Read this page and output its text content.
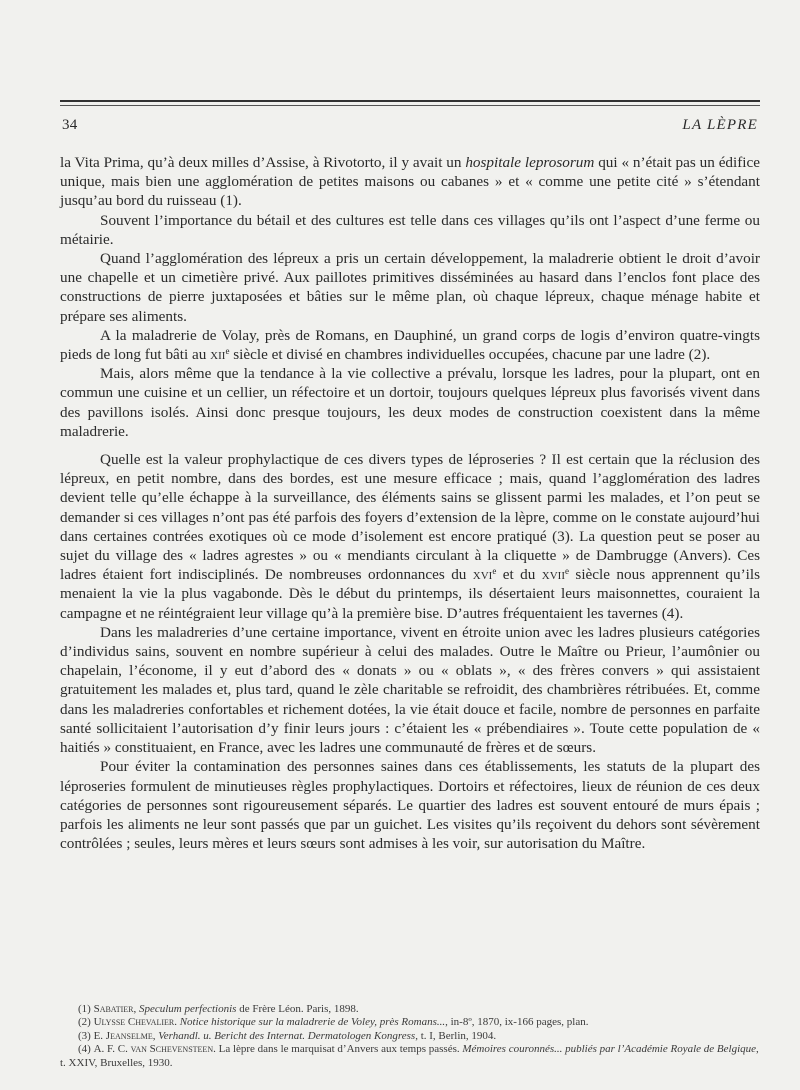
34	LA LÈPRE

la Vita Prima, qu’à deux milles d’Assise, à Rivotorto, il y avait un hospitale leprosorum qui « n’était pas un édifice unique, mais bien une agglomération de petites maisons ou cabanes » et « comme une petite cité » s’étendant jusqu’au bord du ruisseau (1).

Souvent l’importance du bétail et des cultures est telle dans ces villages qu’ils ont l’aspect d’une ferme ou métairie.

Quand l’agglomération des lépreux a pris un certain développement, la maladrerie obtient le droit d’avoir une chapelle et un cimetière privé. Aux paillotes primitives disséminées au hasard dans l’enclos font place des constructions de pierre juxtaposées et bâties sur le même plan, où chaque lépreux, chaque ménage habite et prépare ses aliments.

A la maladrerie de Volay, près de Romans, en Dauphiné, un grand corps de logis d’environ quatre-vingts pieds de long fut bâti au xii$^e$ siècle et divisé en chambres individuelles occupées, chacune par une ladre (2).

Mais, alors même que la tendance à la vie collective a prévalu, lorsque les ladres, pour la plupart, ont en commun une cuisine et un cellier, un réfectoire et un dortoir, toujours quelques lépreux plus favorisés vivent dans des pavillons isolés. Ainsi donc presque toujours, les deux modes de construction coexistent dans la même maladrerie.

Quelle est la valeur prophylactique de ces divers types de léproseries ? Il est certain que la réclusion des lépreux, en petit nombre, dans des bordes, est une mesure efficace ; mais, quand l’agglomération des ladres devient telle qu’elle échappe à la surveillance, des éléments sains se glissent parmi les malades, et l’on peut se demander si ces villages n’ont pas été parfois des foyers d’extension de la lèpre, comme on le constate aujourd’hui dans certaines contrées exotiques où ce mode d’isolement est encore pratiqué (3). La question peut se poser au sujet du village des « ladres agrestes » ou « mendiants circulant à la cliquette » de Dambrugge (Anvers). Ces ladres étaient fort indisciplinés. De nombreuses ordonnances du xvi$^e$ et du xvii$^e$ siècle nous apprennent qu’ils menaient la vie la plus vagabonde. Dès le début du printemps, ils désertaient leurs maisonnettes, couraient la campagne et ne réintégraient leur village qu’à la première bise. D’autres fréquentaient les tavernes (4).

Dans les maladreries d’une certaine importance, vivent en étroite union avec les ladres plusieurs catégories d’individus sains, souvent en nombre supérieur à celui des malades. Outre le Maître ou Prieur, l’aumônier ou chapelain, l’économe, il y eut d’abord des « donats » ou « oblats », « des frères convers » qui assistaient gratuitement les malades et, plus tard, quand le zèle charitable se refroidit, des chambrières rétribuées. Et, comme dans les maladreries confortables et richement dotées, la vie était douce et facile, nombre de personnes en parfaite santé sollicitaient l’autorisation d’y finir leurs jours : c’étaient les « prébendiaires ». Toute cette population de « haitiés » constituaient, en France, avec les ladres une communauté de frères et de sœurs.

Pour éviter la contamination des personnes saines dans ces établissements, les statuts de la plupart des léproseries formulent de minutieuses règles prophylactiques. Dortoirs et réfectoires, lieux de réunion de ces deux catégories de personnes sont rigoureusement séparés. Le quartier des ladres est souvent entouré de murs épais ; parfois les aliments ne leur sont passés que par un guichet. Les visites qu’ils reçoivent du dehors sont sévèrement contrôlées ; seules, leurs mères et leurs sœurs sont admises à les voir, sur autorisation du Maître.

(1) Sabatier, Speculum perfectionis de Frère Léon. Paris, 1898.
(2) Ulysse Chevalier. Notice historique sur la maladrerie de Voley, près Romans..., in-8º, 1870, ix-166 pages, plan.
(3) E. Jeanselme, Verhandl. u. Bericht des Internat. Dermatologen Kongress, t. I, Berlin, 1904.
(4) A. F. C. van Schevensteen. La lèpre dans le marquisat d’Anvers aux temps passés. Mémoires couronnés... publiés par l’Académie Royale de Belgique, t. XXIV, Bruxelles, 1930.
